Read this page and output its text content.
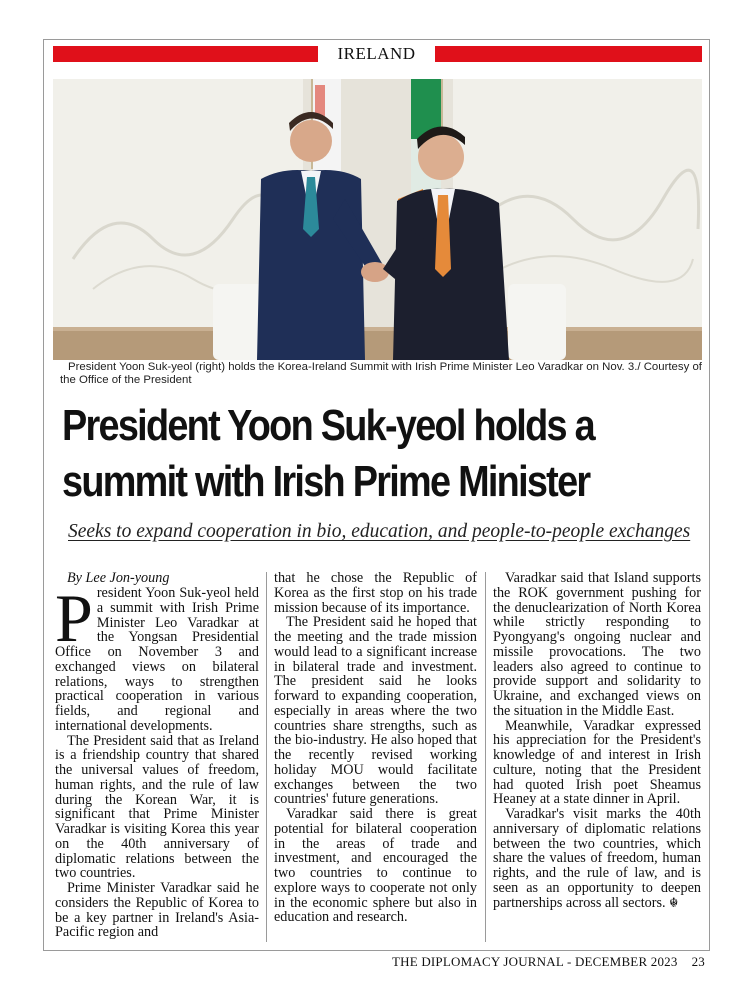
IRELAND
President Yoon Suk-yeol (right) holds the Korea-Ireland Summit with Irish Prime Minister Leo Varadkar on Nov. 3./ Courtesy of
the Office of the President
President Yoon Suk-yeol holds a
summit with Irish Prime Minister
Seeks to expand cooperation in bio, education, and people-to-people exchanges

By Lee Jon-young

President Yoon Suk-yeol held a summit with Irish Prime Minister Leo Varadkar at the Yongsan Presidential Office on November 3 and exchanged views on bilateral relations, ways to strengthen practical cooperation in various fields, and regional and international developments.

The President said that as Ireland is a friendship country that shared the universal values of freedom, human rights, and the rule of law during the Korean War, it is significant that Prime Minister Varadkar is visiting Korea this year on the 40th anniversary of diplomatic relations between the two countries.

Prime Minister Varadkar said he considers the Republic of Korea to be a key partner in Ireland's Asia-Pacific region and

that he chose the Republic of Korea as the first stop on his trade mission because of its importance.

The President said he hoped that the meeting and the trade mission would lead to a significant increase in bilateral trade and investment. The president said he looks forward to expanding cooperation, especially in areas where the two countries share strengths, such as the bio-industry. He also hoped that the recently revised working holiday MOU would facilitate exchanges between the two countries' future generations.

Varadkar said there is great potential for bilateral cooperation in the areas of trade and investment, and encouraged the two countries to continue to explore ways to cooperate not only in the economic sphere but also in education and research.

Varadkar said that Island supports the ROK government pushing for the denuclearization of North Korea while strictly responding to Pyongyang's ongoing nuclear and missile provocations. The two leaders also agreed to continue to provide support and solidarity to Ukraine, and exchanged views on the situation in the Middle East.

Meanwhile, Varadkar expressed his appreciation for the President's knowledge of and interest in Irish culture, noting that the President had quoted Irish poet Sheamus Heaney at a state dinner in April.

Varadkar's visit marks the 40th anniversary of diplomatic relations between the two countries, which share the values of freedom, human rights, and the rule of law, and is seen as an opportunity to deepen partnerships across all sectors. ☬

THE DIPLOMACY JOURNAL - DECEMBER 2023 23
